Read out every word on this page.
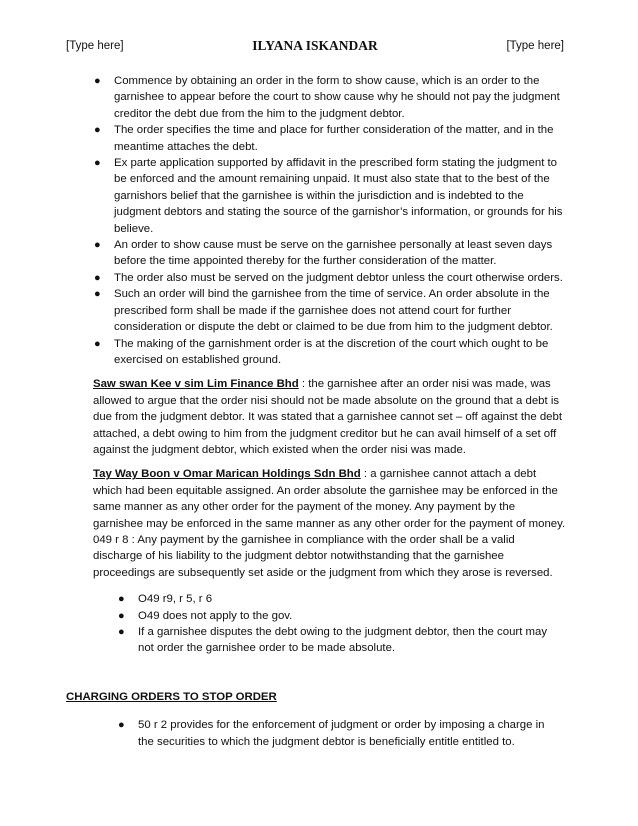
[Type here]	ILYANA ISKANDAR	[Type here]
● Commence by obtaining an order in the form to show cause, which is an order to the garnishee to appear before the court to show cause why he should not pay the judgment creditor the debt due from the him to the judgment debtor.
● The order specifies the time and place for further consideration of the matter, and in the meantime attaches the debt.
● Ex parte application supported by affidavit in the prescribed form stating the judgment to be enforced and the amount remaining unpaid. It must also state that to the best of the garnishors belief that the garnishee is within the jurisdiction and is indebted to the judgment debtors and stating the source of the garnishor’s information, or grounds for his believe.
● An order to show cause must be serve on the garnishee personally at least seven days before the time appointed thereby for the further consideration of the matter.
● The order also must be served on the judgment debtor unless the court otherwise orders.
● Such an order will bind the garnishee from the time of service. An order absolute in the prescribed form shall be made if the garnishee does not attend court for further consideration or dispute the debt or claimed to be due from him to the judgment debtor.
● The making of the garnishment order is at the discretion of the court which ought to be exercised on established ground.

Saw swan Kee v sim Lim Finance Bhd : the garnishee after an order nisi was made, was allowed to argue that the order nisi should not be made absolute on the ground that a debt is due from the judgment debtor. It was stated that a garnishee cannot set – off against the debt attached, a debt owing to him from the judgment creditor but he can avail himself of a set off against the judgment debtor, which existed when the order nisi was made.

Tay Way Boon v Omar Marican Holdings Sdn Bhd : a garnishee cannot attach a debt which had been equitable assigned. An order absolute the garnishee may be enforced in the same manner as any other order for the payment of the money. Any payment by the garnishee may be enforced in the same manner as any other order for the payment of money. 049 r 8 : Any payment by the garnishee in compliance with the order shall be a valid discharge of his liability to the judgment debtor notwithstanding that the garnishee proceedings are subsequently set aside or the judgment from which they arose is reversed.

● O49 r9, r 5, r 6
● O49 does not apply to the gov.
● If a garnishee disputes the debt owing to the judgment debtor, then the court may not order the garnishee order to be made absolute.

CHARGING ORDERS TO STOP ORDER

● 50 r 2 provides for the enforcement of judgment or order by imposing a charge in the securities to which the judgment debtor is beneficially entitle entitled to.
